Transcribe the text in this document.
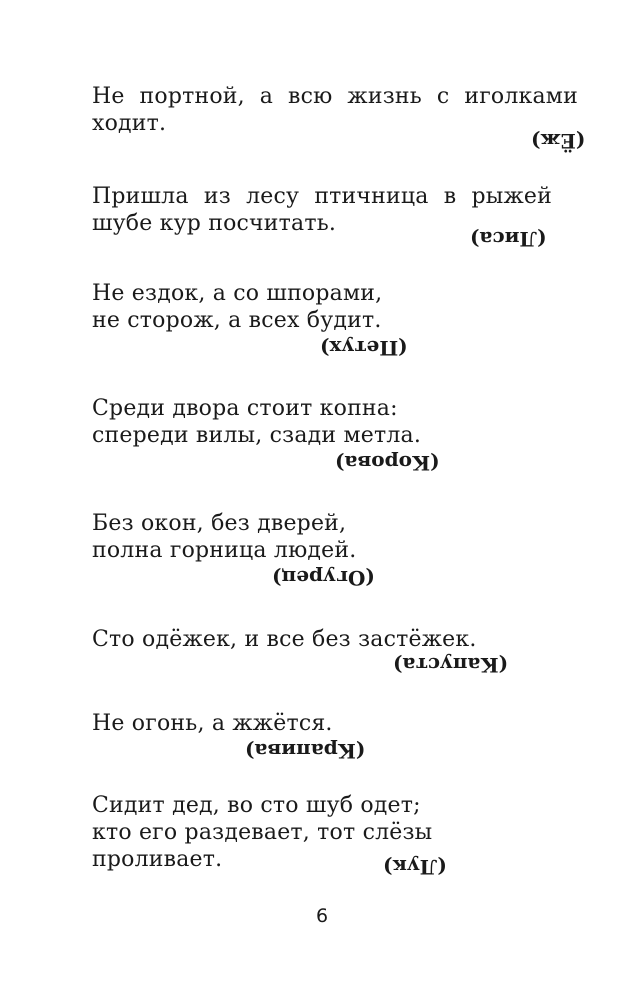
Не портной, а всю жизнь с иголками
ходит.
(Ёж)
Пришла из лесу птичница в рыжей
шубе кур посчитать.
(Лиса)
Не ездок, а со шпорами,
не сторож, а всех будит.
(Петух)
Среди двора стоит копна:
спереди вилы, сзади метла.
(Корова)
Без окон, без дверей,
полна горница людей.
(Огурец)
Сто одёжек, и все без застёжек.
(Капуста)
Не огонь, а жжётся.
(Крапива)
Сидит дед, во сто шуб одет;
кто его раздевает, тот слёзы
проливает.	(Лук)
6
